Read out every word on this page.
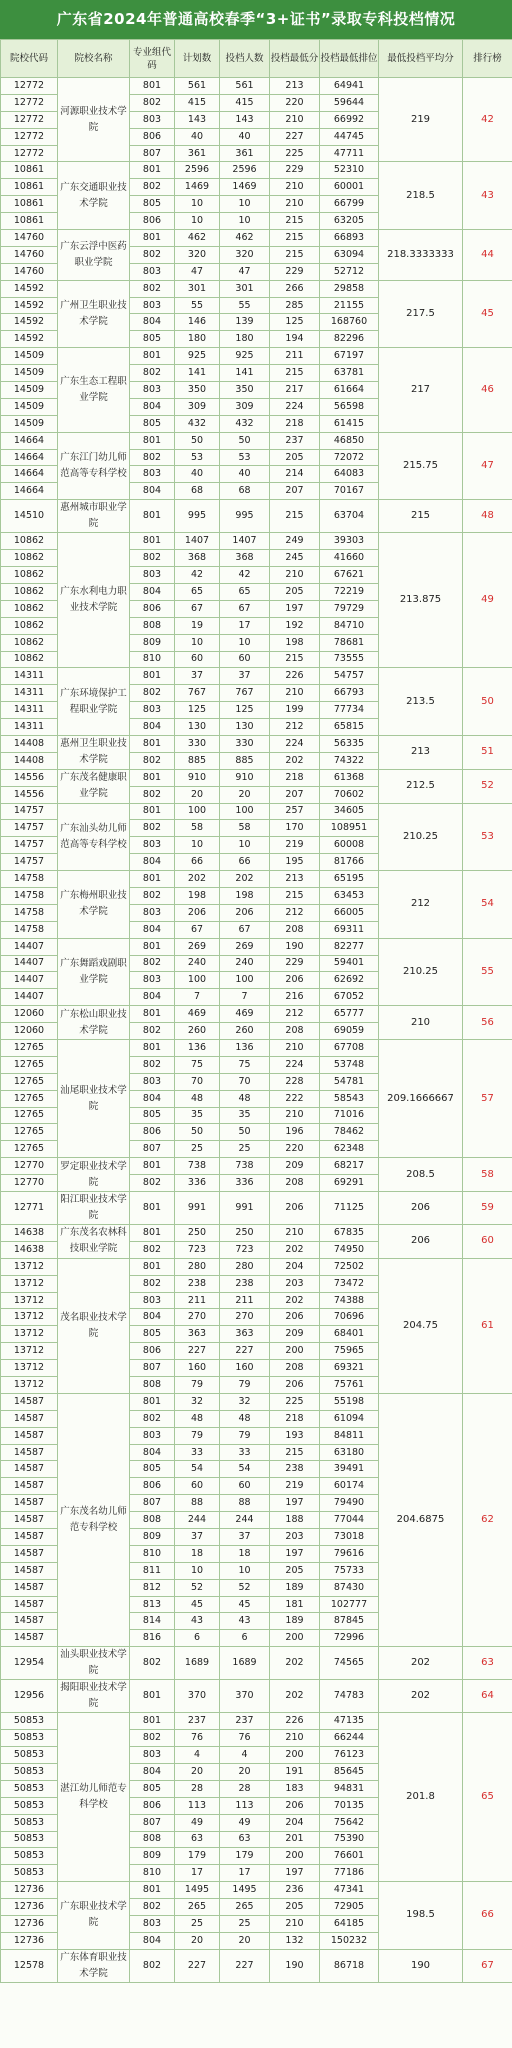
广东省2024年普通高校春季“3+证书”录取专科投档情况
院校代码	院校名称	专业组代码	计划数	投档人数	投档最低分	投档最低排位	最低投档平均分	排行榜
12772	河源职业技术学院	801	561	561	213	64941	219	42
12772		802	415	415	220	59644		
12772		803	143	143	210	66992		
12772		806	40	40	227	44745		
12772		807	361	361	225	47711		
10861	广东交通职业技术学院	801	2596	2596	229	52310	218.5	43
10861		802	1469	1469	210	60001		
10861		805	10	10	210	66799		
10861		806	10	10	215	63205		
14760	广东云浮中医药职业学院	801	462	462	215	66893	218.3333333	44
14760		802	320	320	215	63094		
14760		803	47	47	229	52712		
14592	广州卫生职业技术学院	802	301	301	266	29858	217.5	45
14592		803	55	55	285	21155		
14592		804	146	139	125	168760		
14592		805	180	180	194	82296		
14509	广东生态工程职业学院	801	925	925	211	67197	217	46
14509		802	141	141	215	63781		
14509		803	350	350	217	61664		
14509		804	309	309	224	56598		
14509		805	432	432	218	61415		
14664	广东江门幼儿师范高等专科学校	801	50	50	237	46850	215.75	47
14664		802	53	53	205	72072		
14664		803	40	40	214	64083		
14664		804	68	68	207	70167		
14510	惠州城市职业学院	801	995	995	215	63704	215	48
10862	广东水利电力职业技术学院	801	1407	1407	249	39303	213.875	49
10862		802	368	368	245	41660		
10862		803	42	42	210	67621		
10862		804	65	65	205	72219		
10862		806	67	67	197	79729		
10862		808	19	17	192	84710		
10862		809	10	10	198	78681		
10862		810	60	60	215	73555		
14311	广东环境保护工程职业学院	801	37	37	226	54757	213.5	50
14311		802	767	767	210	66793		
14311		803	125	125	199	77734		
14311		804	130	130	212	65815		
14408	惠州卫生职业技术学院	801	330	330	224	56335	213	51
14408		802	885	885	202	74322		
14556	广东茂名健康职业学院	801	910	910	218	61368	212.5	52
14556		802	20	20	207	70602		
14757	广东汕头幼儿师范高等专科学校	801	100	100	257	34605	210.25	53
14757		802	58	58	170	108951		
14757		803	10	10	219	60008		
14757		804	66	66	195	81766		
14758	广东梅州职业技术学院	801	202	202	213	65195	212	54
14758		802	198	198	215	63453		
14758		803	206	206	212	66005		
14758		804	67	67	208	69311		
14407	广东舞蹈戏剧职业学院	801	269	269	190	82277	210.25	55
14407		802	240	240	229	59401		
14407		803	100	100	206	62692		
14407		804	7	7	216	67052		
12060	广东松山职业技术学院	801	469	469	212	65777	210	56
12060		802	260	260	208	69059		
12765	汕尾职业技术学院	801	136	136	210	67708	209.1666667	57
12765		802	75	75	224	53748		
12765		803	70	70	228	54781		
12765		804	48	48	222	58543		
12765		805	35	35	210	71016		
12765		806	50	50	196	78462		
12765		807	25	25	220	62348		
12770	罗定职业技术学院	801	738	738	209	68217	208.5	58
12770		802	336	336	208	69291		
12771	阳江职业技术学院	801	991	991	206	71125	206	59
14638	广东茂名农林科技职业学院	801	250	250	210	67835	206	60
14638		802	723	723	202	74950		
13712	茂名职业技术学院	801	280	280	204	72502	204.75	61
13712		802	238	238	203	73472		
13712		803	211	211	202	74388		
13712		804	270	270	206	70696		
13712		805	363	363	209	68401		
13712		806	227	227	200	75965		
13712		807	160	160	208	69321		
13712		808	79	79	206	75761		
14587	广东茂名幼儿师范专科学校	801	32	32	225	55198	204.6875	62
14587		802	48	48	218	61094		
14587		803	79	79	193	84811		
14587		804	33	33	215	63180		
14587		805	54	54	238	39491		
14587		806	60	60	219	60174		
14587		807	88	88	197	79490		
14587		808	244	244	188	77044		
14587		809	37	37	203	73018		
14587		810	18	18	197	79616		
14587		811	10	10	205	75733		
14587		812	52	52	189	87430		
14587		813	45	45	181	102777		
14587		814	43	43	189	87845		
14587		816	6	6	200	72996		
12954	汕头职业技术学院	802	1689	1689	202	74565	202	63
12956	揭阳职业技术学院	801	370	370	202	74783	202	64
50853	湛江幼儿师范专科学校	801	237	237	226	47135	201.8	65
50853		802	76	76	210	66244		
50853		803	4	4	200	76123		
50853		804	20	20	191	85645		
50853		805	28	28	183	94831		
50853		806	113	113	206	70135		
50853		807	49	49	204	75642		
50853		808	63	63	201	75390		
50853		809	179	179	200	76601		
50853		810	17	17	197	77186		
12736	广东职业技术学院	801	1495	1495	236	47341	198.5	66
12736		802	265	265	205	72905		
12736		803	25	25	210	64185		
12736		804	20	20	132	150232		
12578	广东体育职业技术学院	802	227	227	190	86718	190	67
